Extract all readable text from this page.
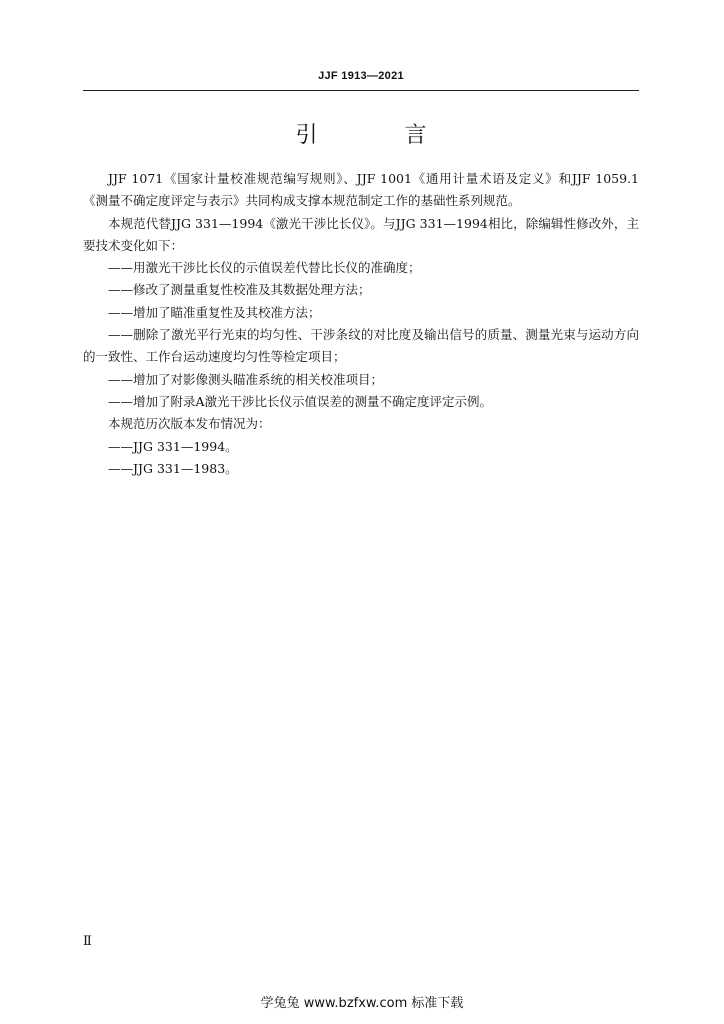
JJF 1913—2021
引 言

JJF 1071《国家计量校准规范编写规则》、JJF 1001《通用计量术语及定义》和JJF 1059.1《测量不确定度评定与表示》共同构成支撑本规范制定工作的基础性系列规范。

本规范代替JJG 331—1994《激光干涉比长仪》。与JJG 331—1994相比，除编辑性修改外，主要技术变化如下：

——用激光干涉比长仪的示值误差代替比长仪的准确度；

——修改了测量重复性校准及其数据处理方法；

——增加了瞄准重复性及其校准方法；

——删除了激光平行光束的均匀性、干涉条纹的对比度及输出信号的质量、测量光束与运动方向的一致性、工作台运动速度均匀性等检定项目；

——增加了对影像测头瞄准系统的相关校准项目；

——增加了附录A激光干涉比长仪示值误差的测量不确定度评定示例。

本规范历次版本发布情况为：

——JJG 331—1994。

——JJG 331—1983。

Ⅱ
学兔兔 www.bzfxw.com 标准下载
